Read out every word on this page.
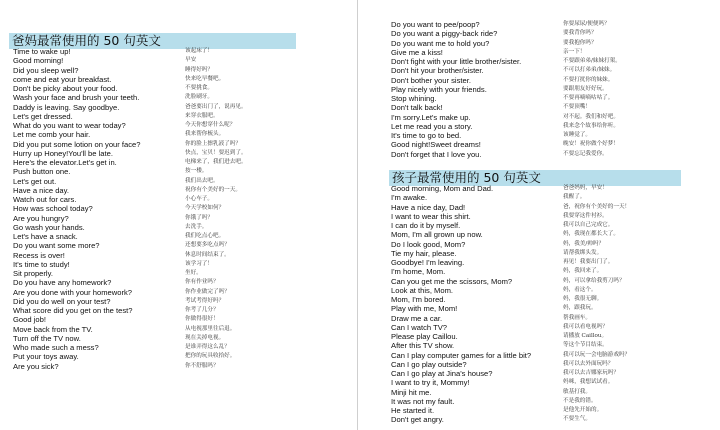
爸妈最常使用的 50 句英文
Time to wake up!	该起床了！
Good morning!	早安
Did you sleep well?	睡得好吗？
come and eat your breakfast.	快来吃早餐吧。
Don't be picky about your food.	不要挑食。
Wash your face and brush your teeth.	洗脸刷牙。
Daddy is leaving. Say goodbye.	爸爸要出门了，说再见。
Let's get dressed.	来穿衣服吧。
What do you want to wear today?	今天你想穿什么呢？
Let me comb your hair.	我来帮你梳头。
Did you put some lotion on your face?	你的脸上擦乳液了吗？
Hurry up Honey!You'll be late.	快点，宝贝！要迟到了。
Here's the elevator.Let's get in.	电梯来了，我们进去吧。
Push button one.	按一楼。
Let's get out.	我们出去吧。
Have a nice day.	祝你有个美好的一天。
Watch out for cars.	小心车子。
How was school today?	今天学校如何？
Are you hungry?	你饿了吗？
Go wash your hands.	去洗手。
Let's have a snack.	我们吃点心吧。
Do you want some more?	还想要多吃点吗？
Recess is over!	休息时间结束了。
It's time to study!	该学习了！
Sit properly.	坐好。
Do you have any homework?	你有作业吗？
Are you done with your homework?	你作业做完了吗？
Did you do well on your test?	考试考得好吗？
What score did you get on the test?	你考了几分？
Good job!	你做得很好！
Move back from the TV.	从电视那里往后退。
Turn off the TV now.	现在关掉电视。
Who made such a mess?	是谁弄得这么乱？
Put your toys away.	把你的玩具收拾好。
Are you sick?	你不舒服吗？
Do you want to pee/poop?	你要尿尿/便便吗？
Do you want a piggy-back ride?	要我背你吗？
Do you want me to hold you?	要我抱你吗？
Give me a kiss!	亲一下！
Don't fight with your little brother/sister.	不要跟弟弟/妹妹打架。
Don't hit your brother/sister.	不可以打弟弟/妹妹。
Don't bother your sister.	不要打扰你的妹妹。
Play nicely with your friends.	要跟朋友好好玩。
Stop whining.	不要再嘀嘀咕咕了。
Don't talk back!	不要顶嘴！
I'm sorry.Let's make up.	对不起。我们和好吧。
Let me read you a story.	我来念个故事给你听。
It's time to go to bed.	该睡觉了。
Good night!Sweet dreams!	晚安！祝你做个好梦！
Don't forget that I love you.	不要忘记我爱你。
孩子最常使用的 50 句英文
Good morning, Mom and Dad.	爸爸妈妈，早安！
I'm awake.	我醒了。
Have a nice day, Dad!	爸，祝你有个美好的一天！
I want to wear this shirt.	我要穿这件衬衫。
I can do it by myself.	我可以自己完成它。
Mom, I'm all grown up now.	妈，我现在都长大了。
Do I look good, Mom?	妈，我美/帅吗？
Tie my hair, please.	请帮我绑头发。
Goodbye! I'm leaving.	再见！我要出门了。
I'm home, Mom.	妈，我回来了。
Can you get me the scissors, Mom?	妈，可以拿给我剪刀吗？
Look at this, Mom.	妈，看这个。
Mom, I'm bored.	妈，我很无聊。
Play with me, Mom!	妈，跟我玩。
Draw me a car.	帮我画车。
Can I watch TV?	我可以看电视吗？
Please play Caillou.	请播放 Caillou。
After this TV show.	等这个节目结束。
Can I play computer games for a little bit?	我可以玩一会电脑游戏吗？
Can I go play outside?	我可以去外面玩吗？
Can I go play at Jina's house?	我可以去吉娜家玩吗？
I want to try it, Mommy!	妈咪，我想试试看。
Minji hit me.	敏基打我。
It was not my fault.	不是我的错。
He started it.	是他先开始的。
Don't get angry.	不要生气。
